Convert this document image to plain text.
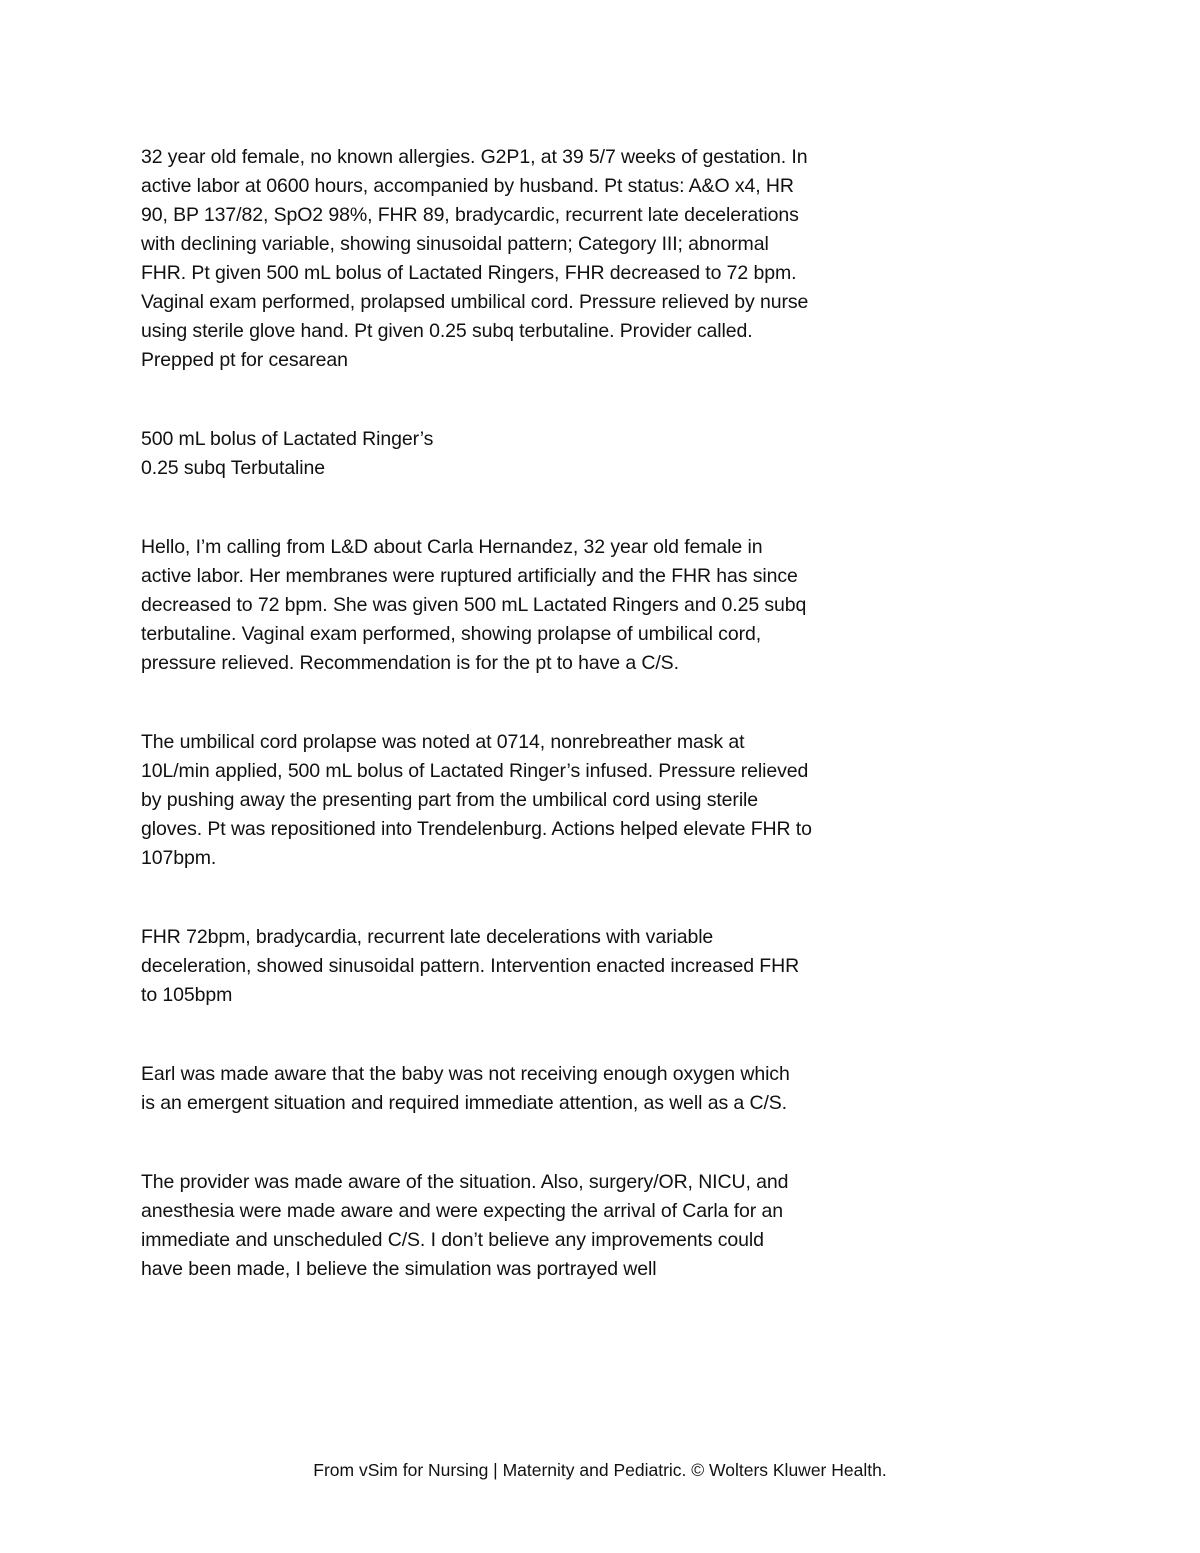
32 year old female, no known allergies. G2P1, at 39 5/7 weeks of gestation. In
active labor at 0600 hours, accompanied by husband. Pt status: A&O x4, HR
90, BP 137/82, SpO2 98%, FHR 89, bradycardic, recurrent late decelerations
with declining variable, showing sinusoidal pattern; Category III; abnormal
FHR. Pt given 500 mL bolus of Lactated Ringers, FHR decreased to 72 bpm.
Vaginal exam performed, prolapsed umbilical cord. Pressure relieved by nurse
using sterile glove hand. Pt given 0.25 subq terbutaline. Provider called.
Prepped pt for cesarean

500 mL bolus of Lactated Ringer’s
0.25 subq Terbutaline

Hello, I’m calling from L&D about Carla Hernandez, 32 year old female in
active labor. Her membranes were ruptured artificially and the FHR has since
decreased to 72 bpm. She was given 500 mL Lactated Ringers and 0.25 subq
terbutaline. Vaginal exam performed, showing prolapse of umbilical cord,
pressure relieved. Recommendation is for the pt to have a C/S.

The umbilical cord prolapse was noted at 0714, nonrebreather mask at
10L/min applied, 500 mL bolus of Lactated Ringer’s infused. Pressure relieved
by pushing away the presenting part from the umbilical cord using sterile
gloves. Pt was repositioned into Trendelenburg. Actions helped elevate FHR to
107bpm.

FHR 72bpm, bradycardia, recurrent late decelerations with variable
deceleration, showed sinusoidal pattern. Intervention enacted increased FHR
to 105bpm

Earl was made aware that the baby was not receiving enough oxygen which
is an emergent situation and required immediate attention, as well as a C/S.

The provider was made aware of the situation. Also, surgery/OR, NICU, and
anesthesia were made aware and were expecting the arrival of Carla for an
immediate and unscheduled C/S. I don’t believe any improvements could
have been made, I believe the simulation was portrayed well

From vSim for Nursing | Maternity and Pediatric. © Wolters Kluwer Health.
